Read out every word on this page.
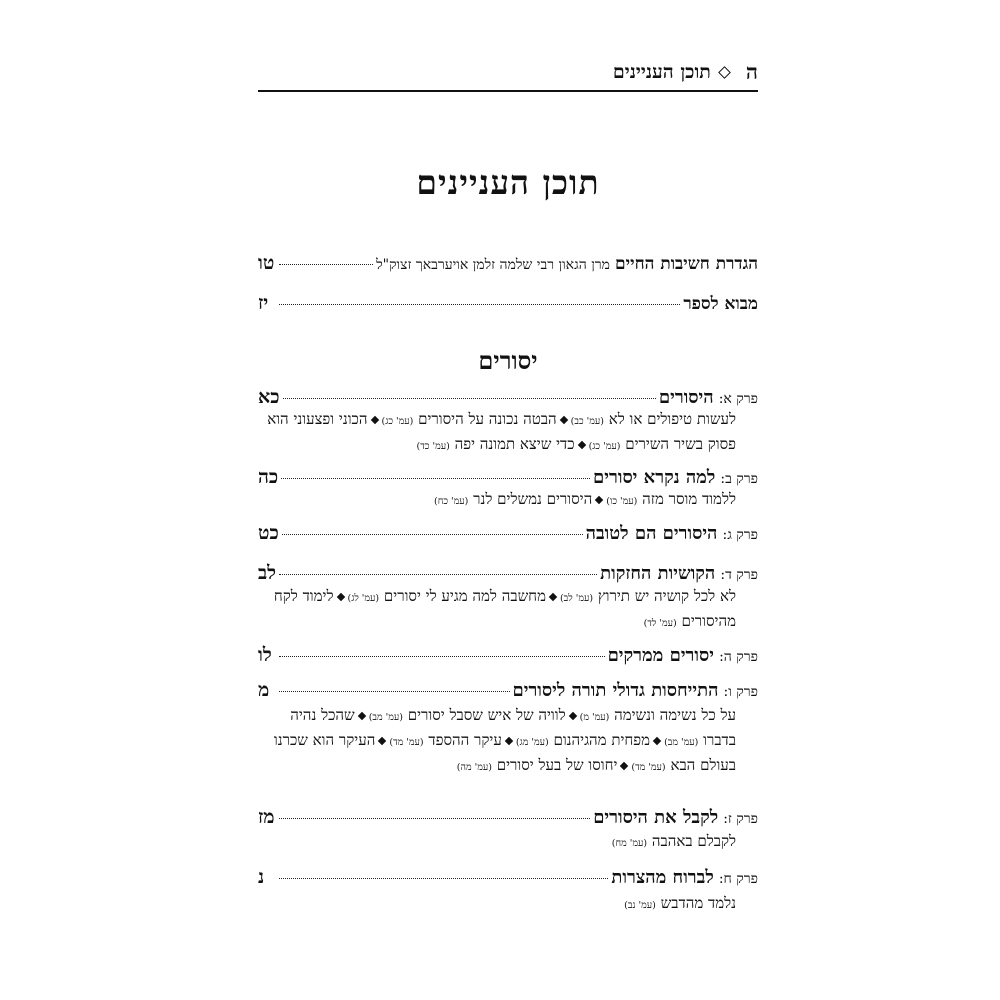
ה
תוכן העניינים
תוכן העניינים
הגדרת חשיבות החיים מרן הגאון רבי שלמה זלמן אויערבאך זצוק"ל
טו
מבוא לספר
יז
יסורים
פרק א: היסורים
כא
לעשות טיפולים או לא (עמ' כב)הבטה נכונה על היסורים (עמ' כג)הכוני ופצעוני הוא פסוק בשיר השירים (עמ' כג)כדי שיצא תמונה יפה (עמ' כד)
פרק ב: למה נקרא יסורים
כה
ללמוד מוסר מזה (עמ' כו)היסורים נמשלים לנר (עמ' כח)
פרק ג: היסורים הם לטובה
כט
פרק ד: הקושיות החזקות
לב
לא לכל קושיה יש תירוץ (עמ' לב)מחשבה למה מגיע לי יסורים (עמ' לג)לימוד לקח מהיסורים (עמ' לד)
פרק ה: יסורים ממרקים
לו
פרק ו: התייחסות גדולי תורה ליסורים
מ
על כל נשימה ונשימה (עמ' מ)לוויה של איש שסבל יסורים (עמ' מב)שהכל נהיה בדברו (עמ' מב)מפחית מהגיהנום (עמ' מג)עיקר ההספד (עמ' מד)העיקר הוא שכרנו בעולם הבא (עמ' מד)יחוסו של בעל יסורים (עמ' מה)
פרק ז: לקבל את היסורים
מז
לקבלם באהבה (עמ' מח)
פרק ח: לברוח מהצרות
נ
נלמד מהדבש (עמ' נב)
